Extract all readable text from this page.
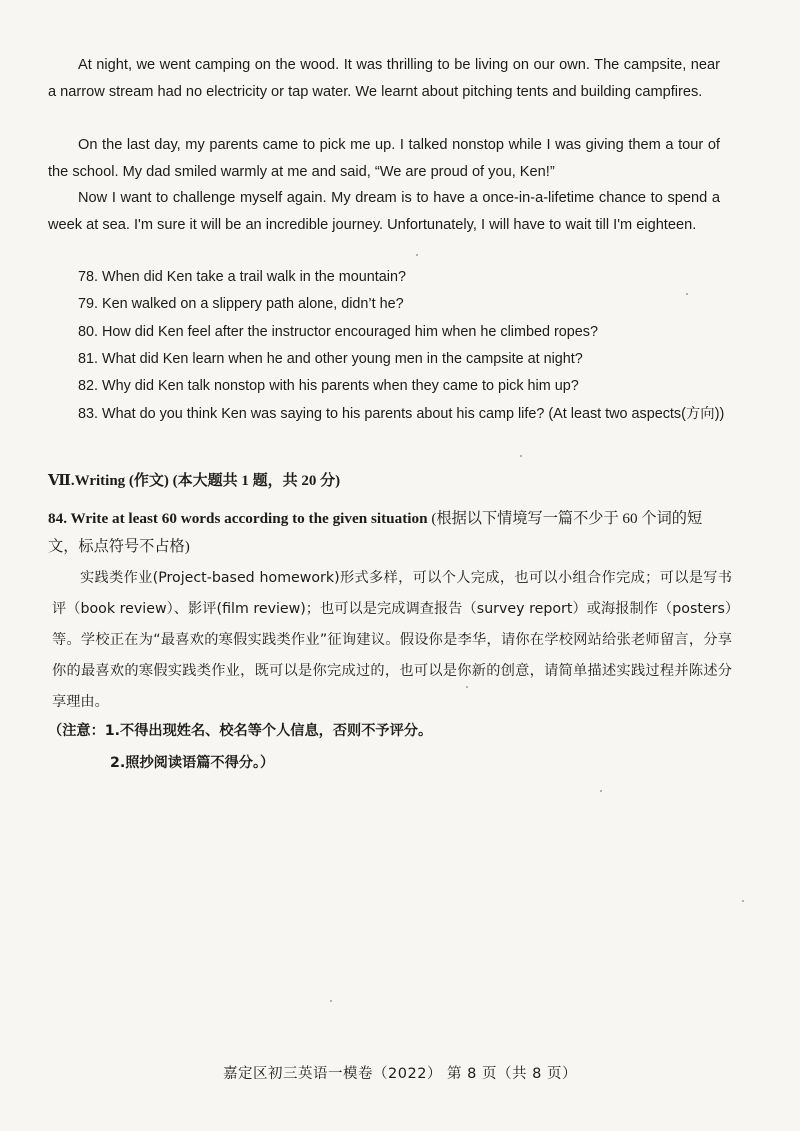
At night, we went camping on the wood. It was thrilling to be living on our own. The campsite, near a narrow stream had no electricity or tap water. We learnt about pitching tents and building campfires.
On the last day, my parents came to pick me up. I talked nonstop while I was giving them a tour of the school. My dad smiled warmly at me and said, “We are proud of you, Ken!”
Now I want to challenge myself again. My dream is to have a once-in-a-lifetime chance to spend a week at sea. I'm sure it will be an incredible journey. Unfortunately, I will have to wait till I'm eighteen.
78. When did Ken take a trail walk in the mountain?
79. Ken walked on a slippery path alone, didn’t he?
80. How did Ken feel after the instructor encouraged him when he climbed ropes?
81. What did Ken learn when he and other young men in the campsite at night?
82. Why did Ken talk nonstop with his parents when they came to pick him up?
83. What do you think Ken was saying to his parents about his camp life? (At least two aspects(方向))
Ⅶ.Writing (作文) (本大题共 1 题，共 20 分)
84. Write at least 60 words according to the given situation (根据以下情境写一篇不少于 60 个词的短文，标点符号不占格)
实践类作业(Project-based homework)形式多样，可以个人完成，也可以小组合作完成；可以是写书评（book review）、影评(film review)；也可以是完成调查报告（survey report）或海报制作（posters）等。学校正在为“最喜欢的寒假实践类作业”征询建议。假设你是李华，请你在学校网站给张老师留言，分享你的最喜欢的寒假实践类作业，既可以是你完成过的，也可以是你新的创意，请简单描述实践过程并陈述分享理由。
（注意：1.不得出现姓名、校名等个人信息，否则不予评分。
2.照抄阅读语篇不得分。）
嘉定区初三英语一模卷（2022） 第 8 页（共 8 页）
